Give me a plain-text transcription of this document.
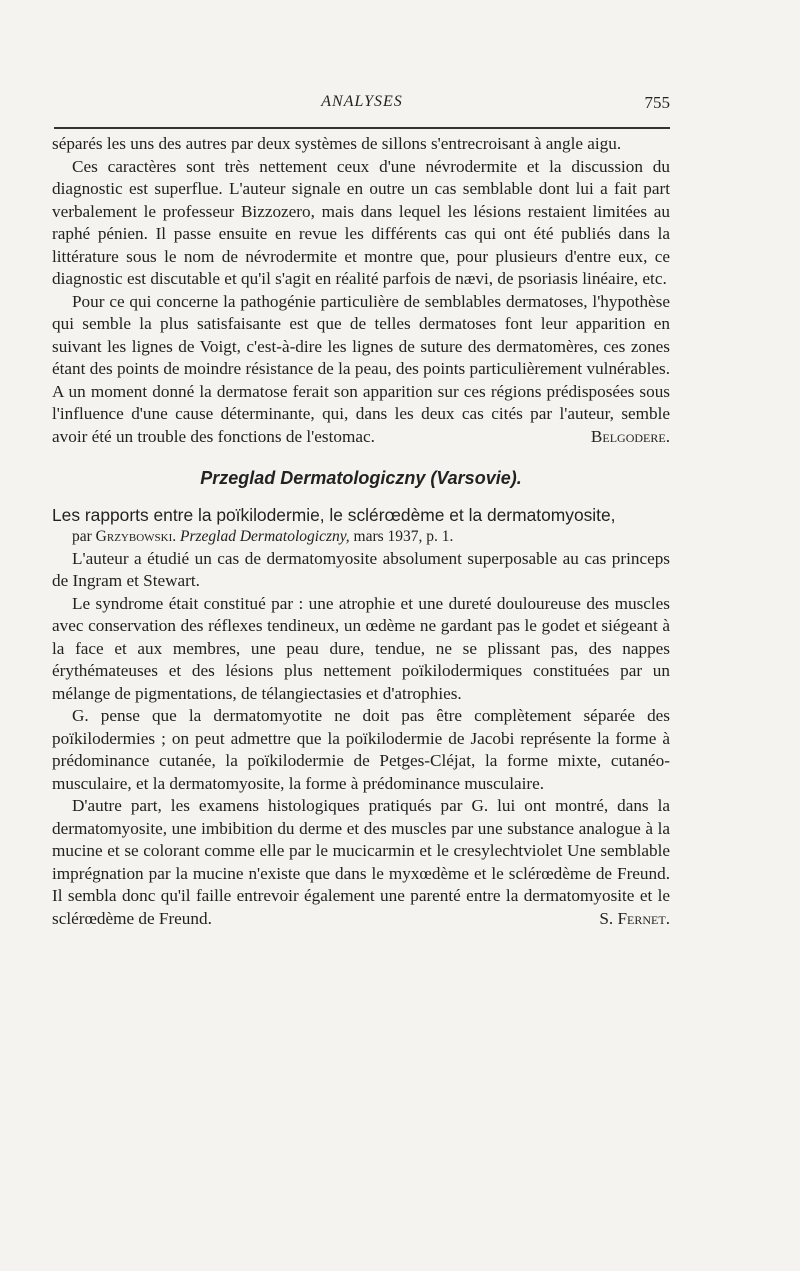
ANALYSES	755

séparés les uns des autres par deux systèmes de sillons s'entrecroisant à angle aigu.

Ces caractères sont très nettement ceux d'une névrodermite et la discussion du diagnostic est superflue. L'auteur signale en outre un cas semblable dont lui a fait part verbalement le professeur Bizzozero, mais dans lequel les lésions restaient limitées au raphé pénien. Il passe ensuite en revue les différents cas qui ont été publiés dans la littérature sous le nom de névrodermite et montre que, pour plusieurs d'entre eux, ce diagnostic est discutable et qu'il s'agit en réalité parfois de nævi, de psoriasis linéaire, etc.

Pour ce qui concerne la pathogénie particulière de semblables dermatoses, l'hypothèse qui semble la plus satisfaisante est que de telles dermatoses font leur apparition en suivant les lignes de Voigt, c'est-à-dire les lignes de suture des dermatomères, ces zones étant des points de moindre résistance de la peau, des points particulièrement vulnérables. A un moment donné la dermatose ferait son apparition sur ces régions prédisposées sous l'influence d'une cause déterminante, qui, dans les deux cas cités par l'auteur, semble avoir été un trouble des fonctions de l'estomac.	Belgodere.

Przeglad Dermatologiczny (Varsovie).
Les rapports entre la poïkilodermie, le sclérœdème et la dermatomyosite,
par Grzybowski. Przeglad Dermatologiczny, mars 1937, p. 1.

L'auteur a étudié un cas de dermatomyosite absolument superposable au cas princeps de Ingram et Stewart.

Le syndrome était constitué par : une atrophie et une dureté douloureuse des muscles avec conservation des réflexes tendineux, un œdème ne gardant pas le godet et siégeant à la face et aux membres, une peau dure, tendue, ne se plissant pas, des nappes érythémateuses et des lésions plus nettement poïkilodermiques constituées par un mélange de pigmentations, de télangiectasies et d'atrophies.

G. pense que la dermatomyotite ne doit pas être complètement séparée des poïkilodermies ; on peut admettre que la poïkilodermie de Jacobi représente la forme à prédominance cutanée, la poïkilodermie de Petges-Cléjat, la forme mixte, cutanéo-musculaire, et la dermatomyosite, la forme à prédominance musculaire.

D'autre part, les examens histologiques pratiqués par G. lui ont montré, dans la dermatomyosite, une imbibition du derme et des muscles par une substance analogue à la mucine et se colorant comme elle par le mucicarmin et le cresylechtviolet Une semblable imprégnation par la mucine n'existe que dans le myxœdème et le sclérœdème de Freund. Il sembla donc qu'il faille entrevoir également une parenté entre la dermatomyosite et le sclérœdème de Freund.	S. Fernet.
